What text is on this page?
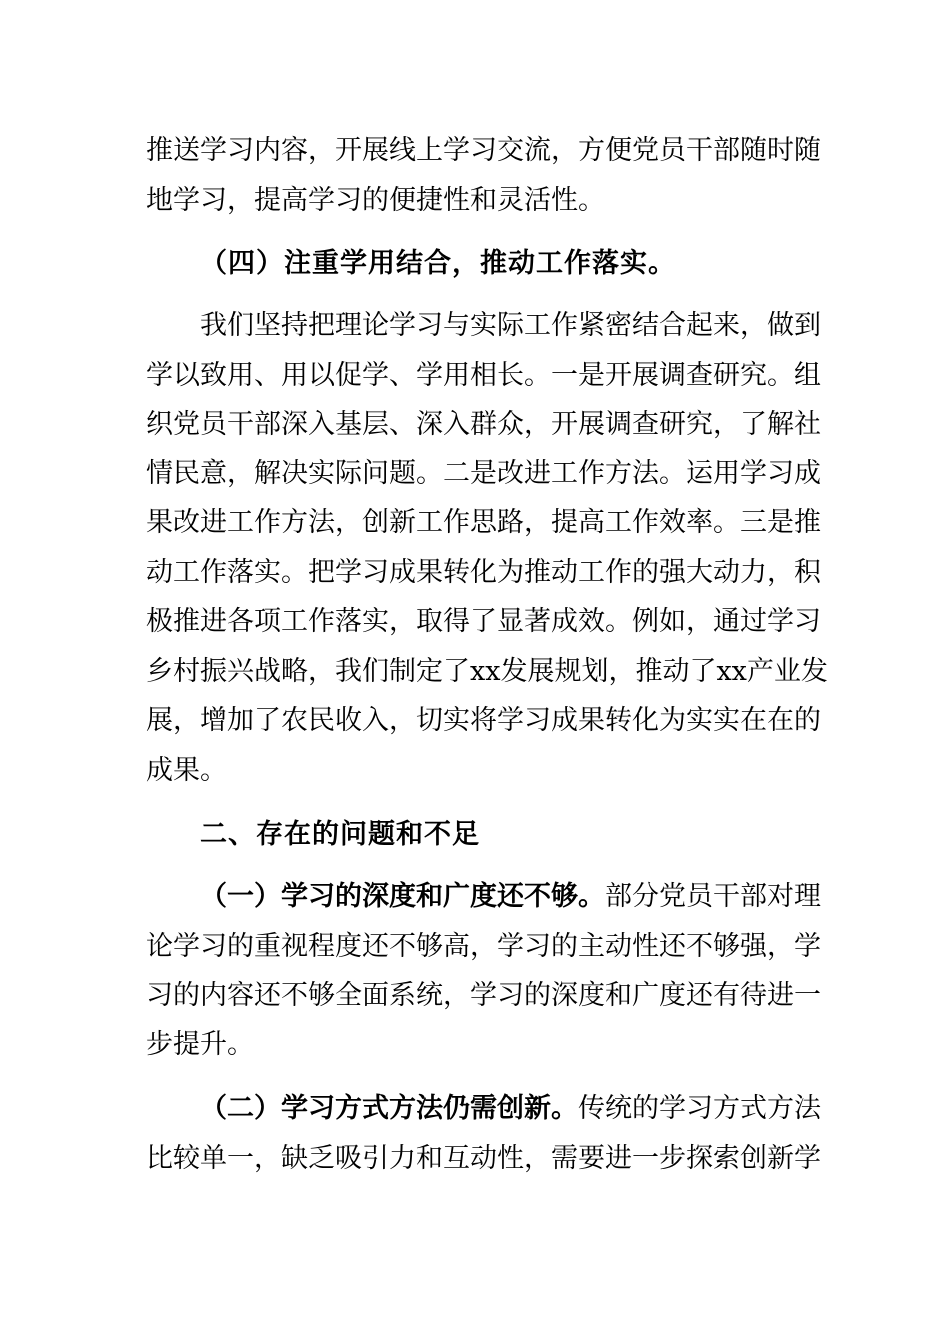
推送学习内容，开展线上学习交流，方便党员干部随时随
地学习，提高学习的便捷性和灵活性。
（四）注重学用结合，推动工作落实。
我们坚持把理论学习与实际工作紧密结合起来，做到
学以致用、用以促学、学用相长。一是开展调查研究。组
织党员干部深入基层、深入群众，开展调查研究，了解社
情民意，解决实际问题。二是改进工作方法。运用学习成
果改进工作方法，创新工作思路，提高工作效率。三是推
动工作落实。把学习成果转化为推动工作的强大动力，积
极推进各项工作落实，取得了显著成效。例如，通过学习
乡村振兴战略，我们制定了xx发展规划，推动了xx产业发
展，增加了农民收入，切实将学习成果转化为实实在在的
成果。
二、存在的问题和不足
（一）学习的深度和广度还不够。部分党员干部对理
论学习的重视程度还不够高，学习的主动性还不够强，学
习的内容还不够全面系统，学习的深度和广度还有待进一
步提升。
（二）学习方式方法仍需创新。传统的学习方式方法
比较单一，缺乏吸引力和互动性，需要进一步探索创新学
